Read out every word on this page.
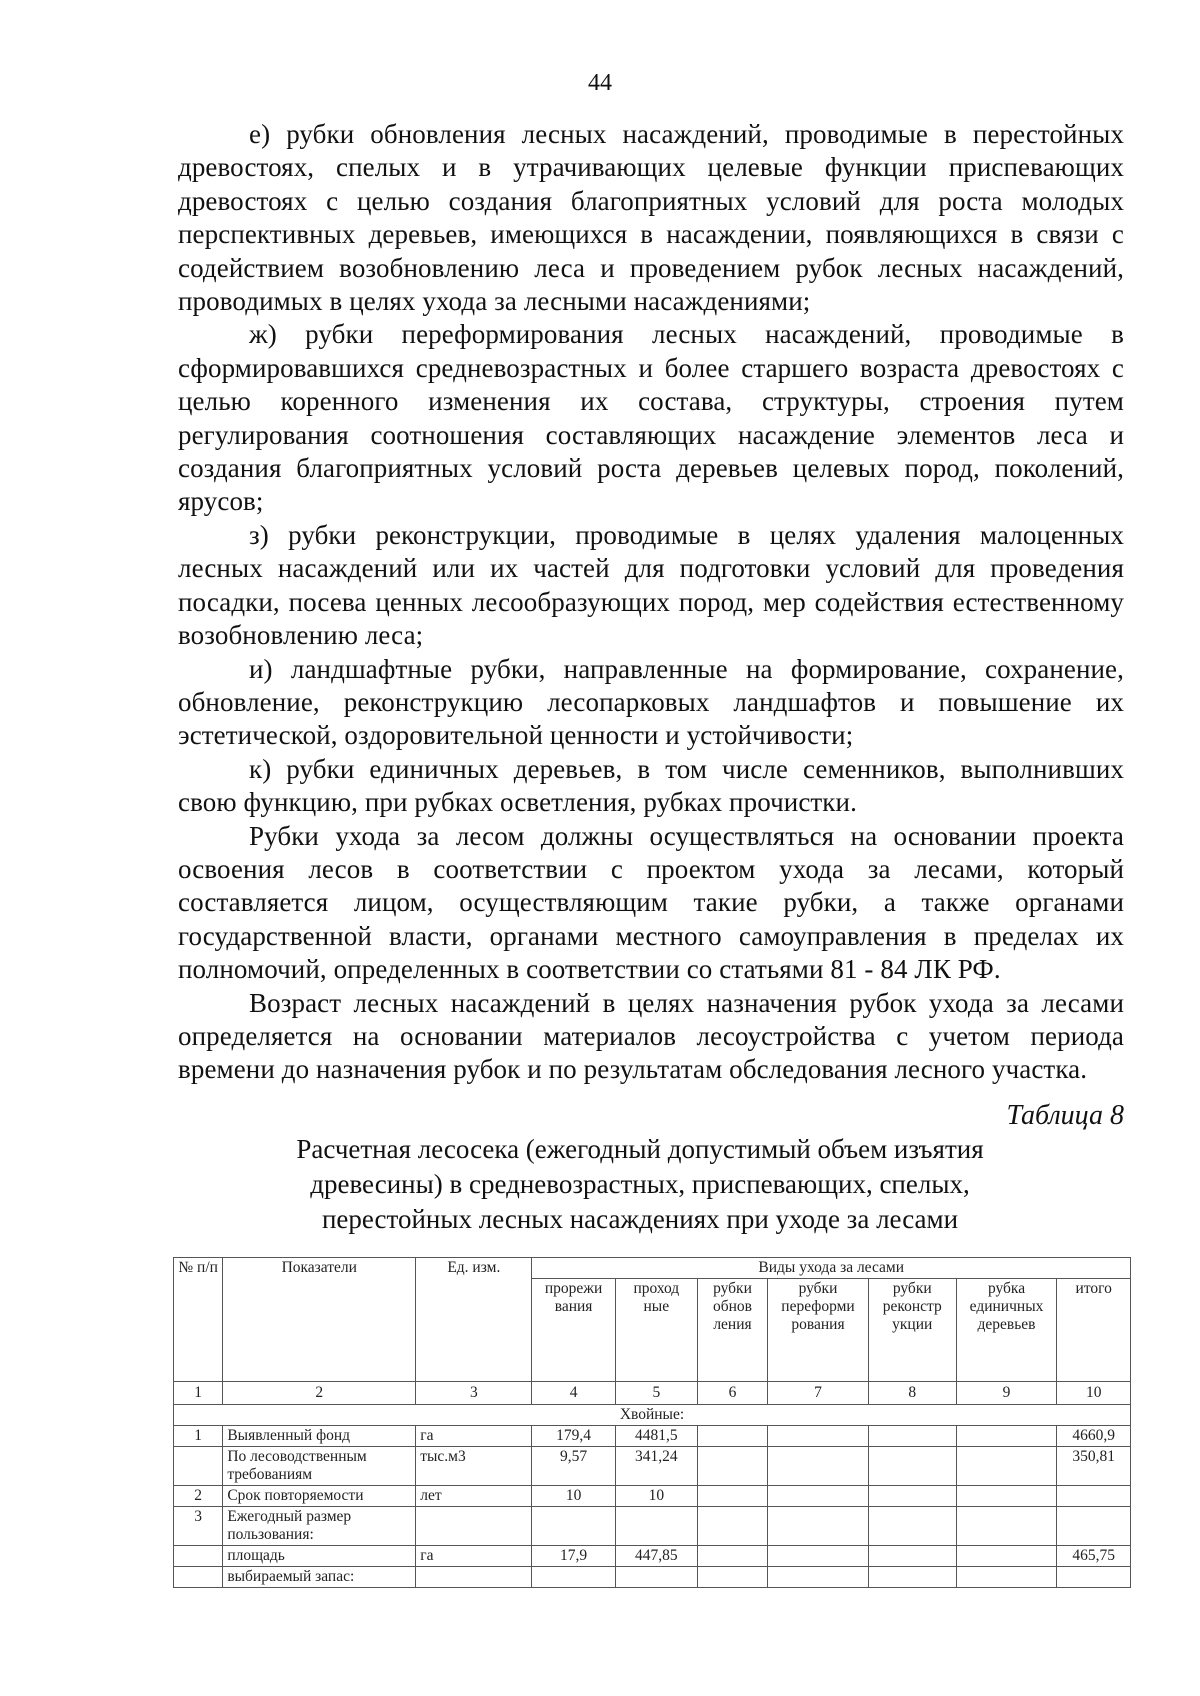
44

е) рубки обновления лесных насаждений, проводимые в перестойных древостоях, спелых и в утрачивающих целевые функции приспевающих древостоях с целью создания благоприятных условий для роста молодых перспективных деревьев, имеющихся в насаждении, появляющихся в связи с содействием возобновлению леса и проведением рубок лесных насаждений, проводимых в целях ухода за лесными насаждениями;

ж) рубки переформирования лесных насаждений, проводимые в сформировавшихся средневозрастных и более старшего возраста древостоях с целью коренного изменения их состава, структуры, строения путем регулирования соотношения составляющих насаждение элементов леса и создания благоприятных условий роста деревьев целевых пород, поколений, ярусов;

з) рубки реконструкции, проводимые в целях удаления малоценных лесных насаждений или их частей для подготовки условий для проведения посадки, посева ценных лесообразующих пород, мер содействия естественному возобновлению леса;

и) ландшафтные рубки, направленные на формирование, сохранение, обновление, реконструкцию лесопарковых ландшафтов и повышение их эстетической, оздоровительной ценности и устойчивости;

к) рубки единичных деревьев, в том числе семенников, выполнивших свою функцию, при рубках осветления, рубках прочистки.

Рубки ухода за лесом должны осуществляться на основании проекта освоения лесов в соответствии с проектом ухода за лесами, который составляется лицом, осуществляющим такие рубки, а также органами государственной власти, органами местного самоуправления в пределах их полномочий, определенных в соответствии со статьями 81 - 84 ЛК РФ.

Возраст лесных насаждений в целях назначения рубок ухода за лесами определяется на основании материалов лесоустройства с учетом периода времени до назначения рубок и по результатам обследования лесного участка.

Таблица 8
Расчетная лесосека (ежегодный допустимый объем изъятия древесины) в средневозрастных, приспевающих, спелых, перестойных лесных насаждениях при уходе за лесами
№ п/п	Показатели	Ед. изм.	Виды ухода за лесами						
			прорежи вания	проход ные	рубки обнов ления	рубки переформи рования	рубки реконстр укции	рубка единичных деревьев	итого
1	2	3	4	5	6	7	8	9	10
Хвойные:									
1	Выявленный фонд	га	179,4	4481,5					4660,9
	По лесоводственным требованиям	тыс.м3	9,57	341,24					350,81
2	Срок повторяемости	лет	10	10					
3	Ежегодный размер пользования:								
	площадь	га	17,9	447,85					465,75
	выбираемый запас:								
